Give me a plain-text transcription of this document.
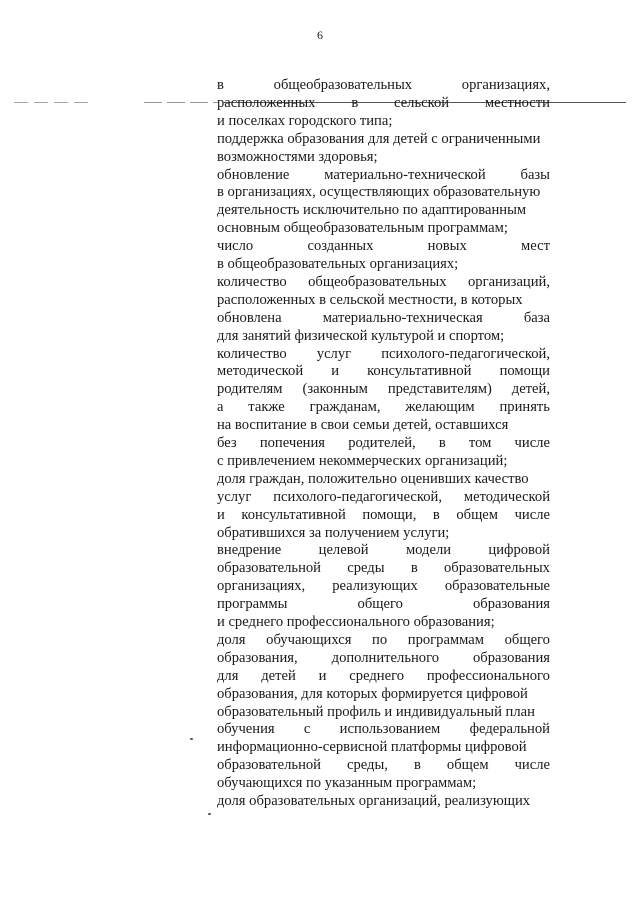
6
в	общеобразовательных	организациях,
расположенных в сельской местности
и поселках городского типа;
поддержка образования для детей с ограниченными
возможностями здоровья;
обновление материально-технической базы
в организациях, осуществляющих образовательную
деятельность исключительно по адаптированным
основным общеобразовательным программам;
число	созданных	новых	мест
в общеобразовательных организациях;
количество общеобразовательных организаций,
расположенных в сельской местности, в которых
обновлена	материально-техническая	база
для занятий физической культурой и спортом;
количество услуг психолого-педагогической,
методической и консультативной помощи
родителям (законным представителям) детей,
а также гражданам, желающим принять
на воспитание в свои семьи детей, оставшихся
без попечения родителей, в том числе
с привлечением некоммерческих организаций;
доля граждан, положительно оценивших качество
услуг психолого-педагогической, методической
и консультативной помощи, в общем числе
обратившихся за получением услуги;
внедрение	целевой	модели	цифровой
образовательной среды в образовательных
организациях, реализующих образовательные
программы	общего	образования
и среднего профессионального образования;
доля обучающихся по программам общего
образования, дополнительного образования
для детей и среднего профессионального
образования, для которых формируется цифровой
образовательный профиль и индивидуальный план
обучения с использованием федеральной
информационно-сервисной платформы цифровой
образовательной среды, в общем числе
обучающихся по указанным программам;
доля образовательных организаций, реализующих
